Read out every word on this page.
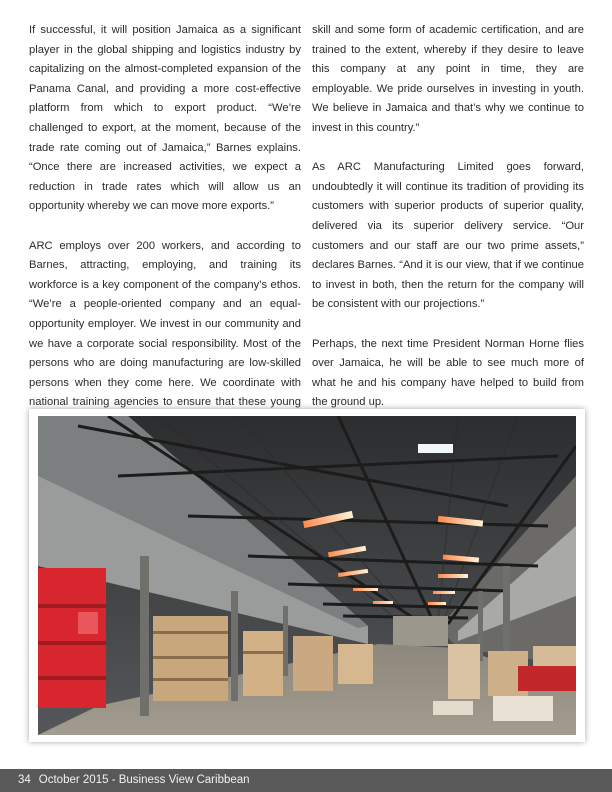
If successful, it will position Jamaica as a significant player in the global shipping and logistics industry by capitalizing on the almost-completed expansion of the Panama Canal, and providing a more cost-effective platform from which to export product. “We’re challenged to export, at the moment, because of the trade rate coming out of Jamaica,” Barnes explains. “Once there are increased activities, we expect a reduction in trade rates which will allow us an opportunity whereby we can move more exports.”

ARC employs over 200 workers, and according to Barnes, attracting, employing, and training its workforce is a key component of the company’s ethos. “We’re a people-oriented company and an equal-opportunity employer. We invest in our community and we have a corporate social responsibility. Most of the persons who are doing manufacturing are low-skilled persons when they come here. We coordinate with national training agencies to ensure that these young

skill and some form of academic certification, and are trained to the extent, whereby if they desire to leave this company at any point in time, they are employable. We pride ourselves in investing in youth. We believe in Jamaica and that’s why we continue to invest in this country.”

As ARC Manufacturing Limited goes forward, undoubtedly it will continue its tradition of providing its customers with superior products of superior quality, delivered via its superior delivery service. “Our customers and our staff are our two prime assets,” declares Barnes. “And it is our view, that if we continue to invest in both, then the return for the company will be consistent with our projections.”

Perhaps, the next time President Norman Horne flies over Jamaica, he will be able to see much more of what he and his company have helped to build from the ground up.

34 October 2015 - Business View Caribbean
